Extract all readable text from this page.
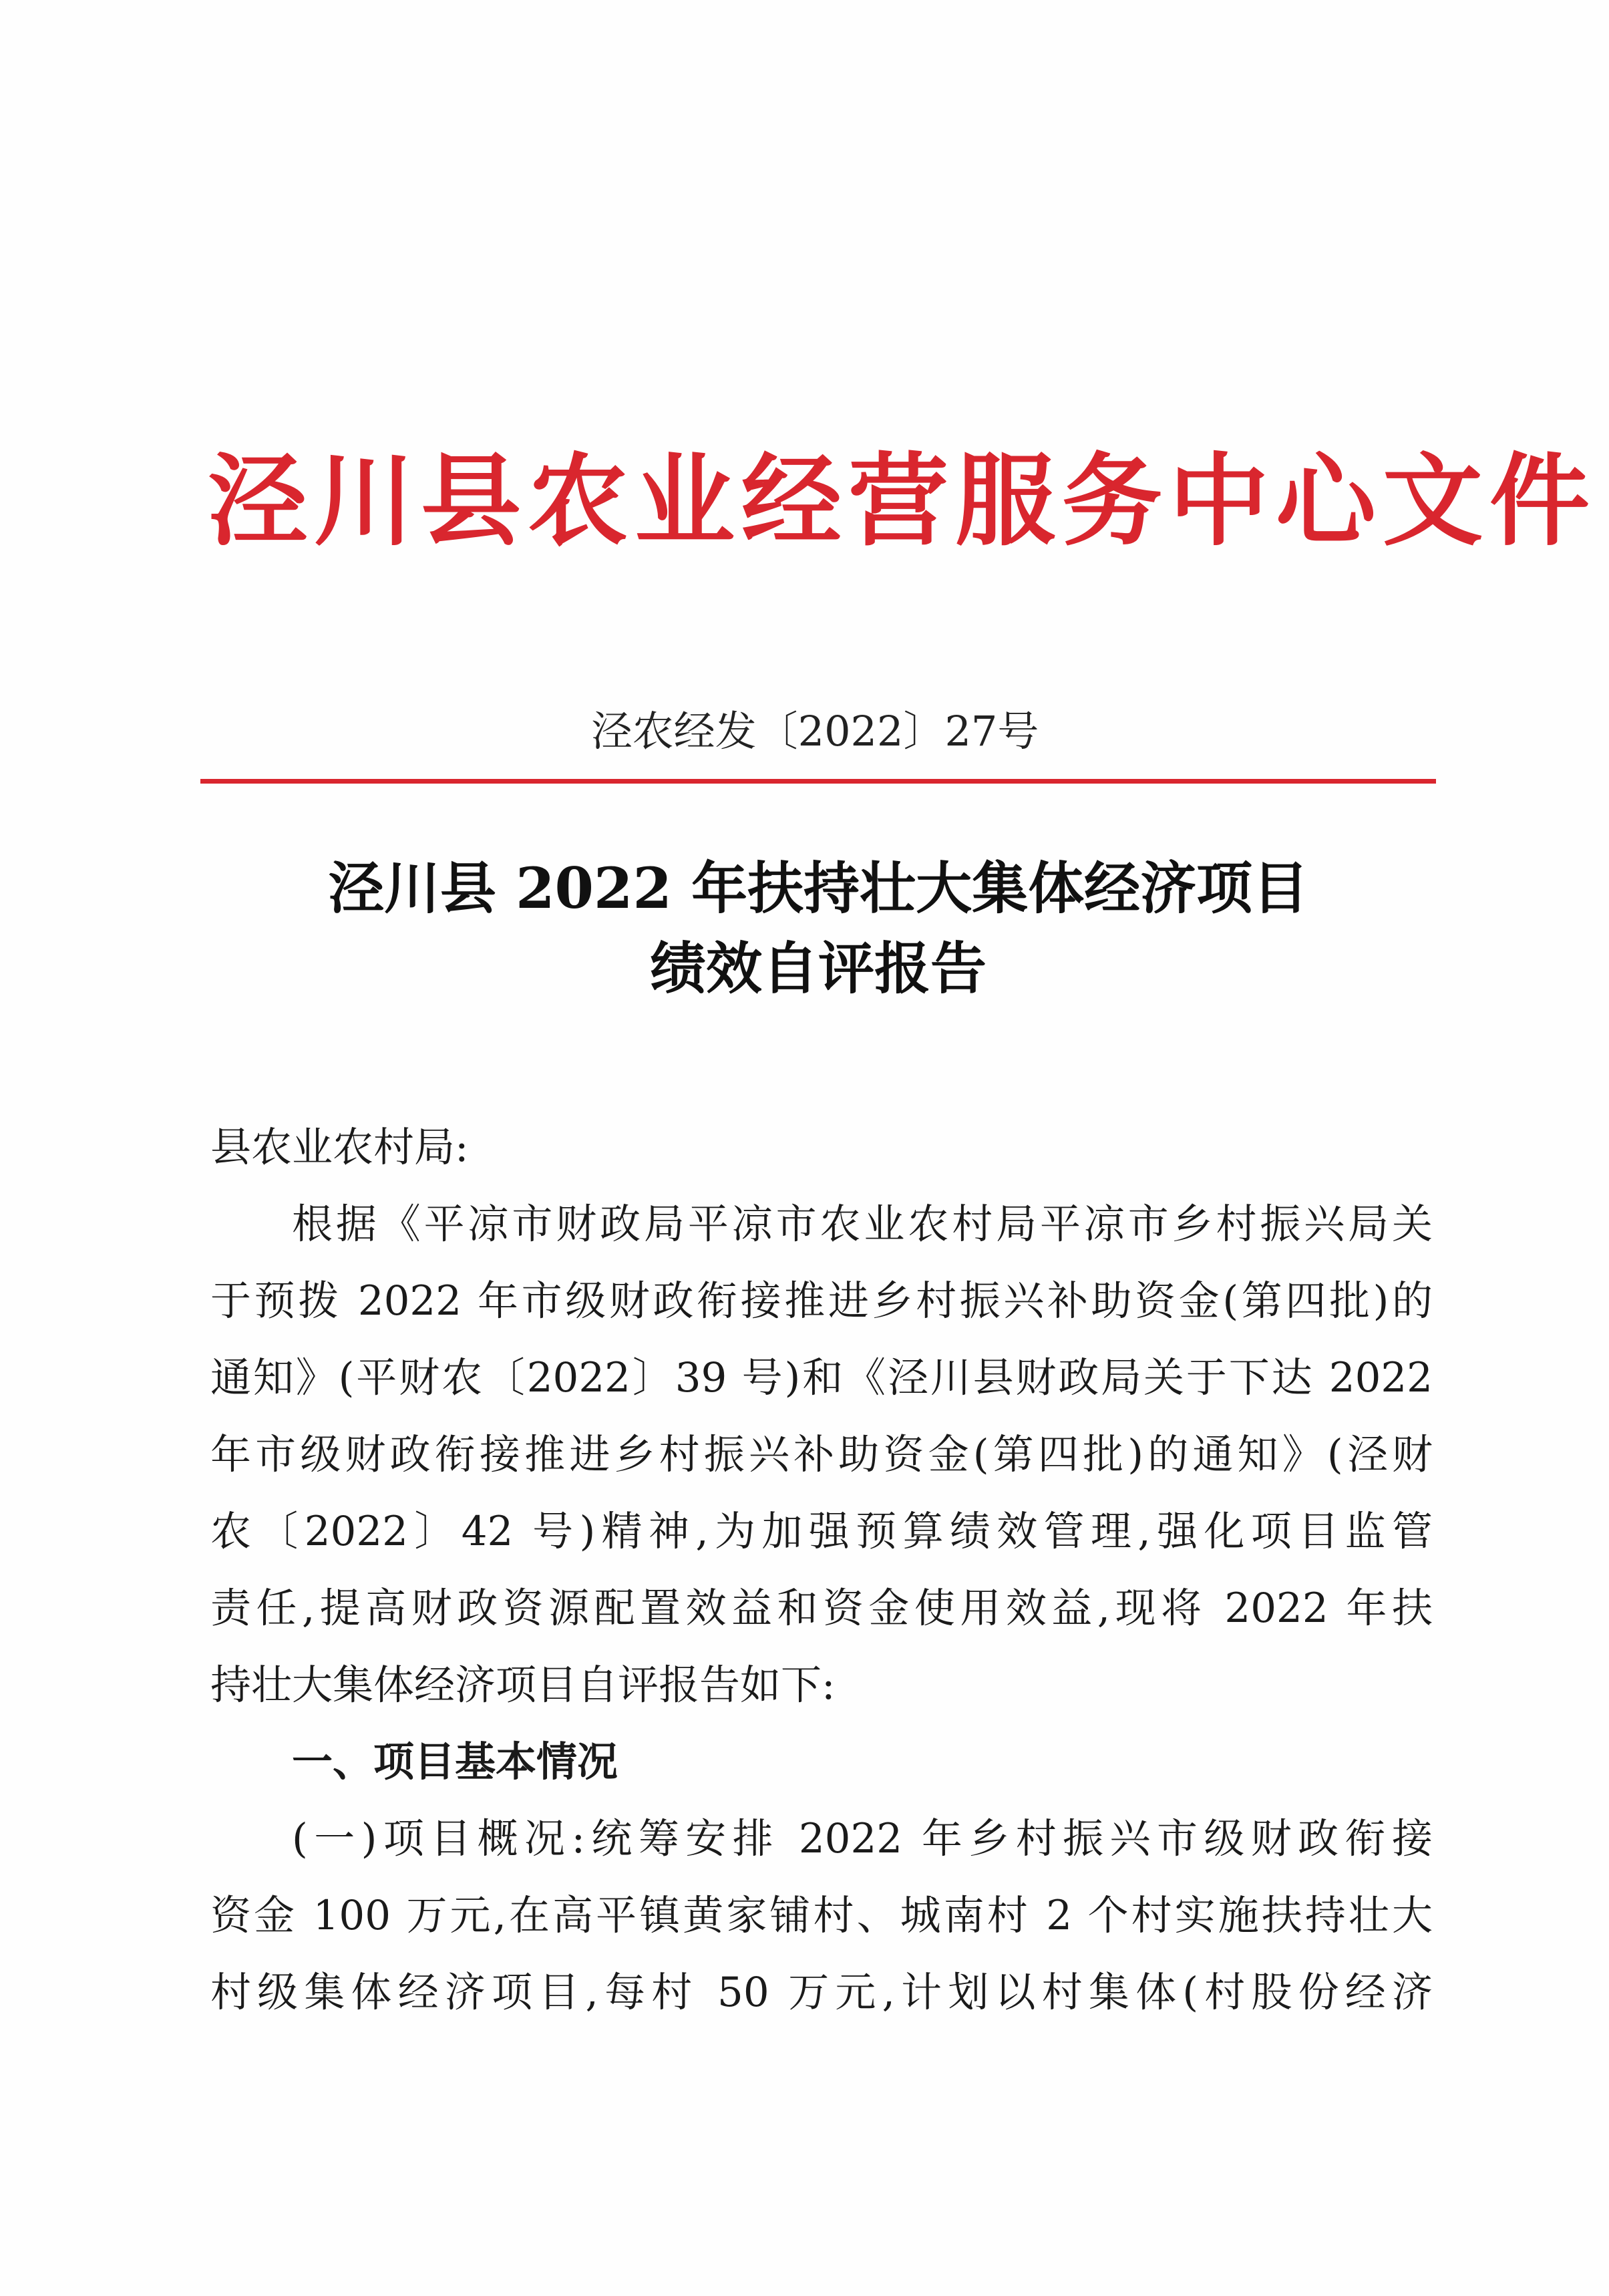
泾川县农业经营服务中心文件
泾农经发〔2022〕27号
泾川县 2022 年扶持壮大集体经济项目
绩效自评报告
县农业农村局:
根据《平凉市财政局平凉市农业农村局平凉市乡村振兴局关
于预拨 2022 年市级财政衔接推进乡村振兴补助资金(第四批)的
通知》(平财农〔2022〕39 号)和《泾川县财政局关于下达 2022
年市级财政衔接推进乡村振兴补助资金(第四批)的通知》(泾财
农〔2022〕42 号)精神,为加强预算绩效管理,强化项目监管
责任,提高财政资源配置效益和资金使用效益,现将 2022 年扶
持壮大集体经济项目自评报告如下:
一、项目基本情况
(一)项目概况:统筹安排 2022 年乡村振兴市级财政衔接
资金 100 万元,在高平镇黄家铺村、城南村 2 个村实施扶持壮大
村级集体经济项目,每村 50 万元,计划以村集体(村股份经济
